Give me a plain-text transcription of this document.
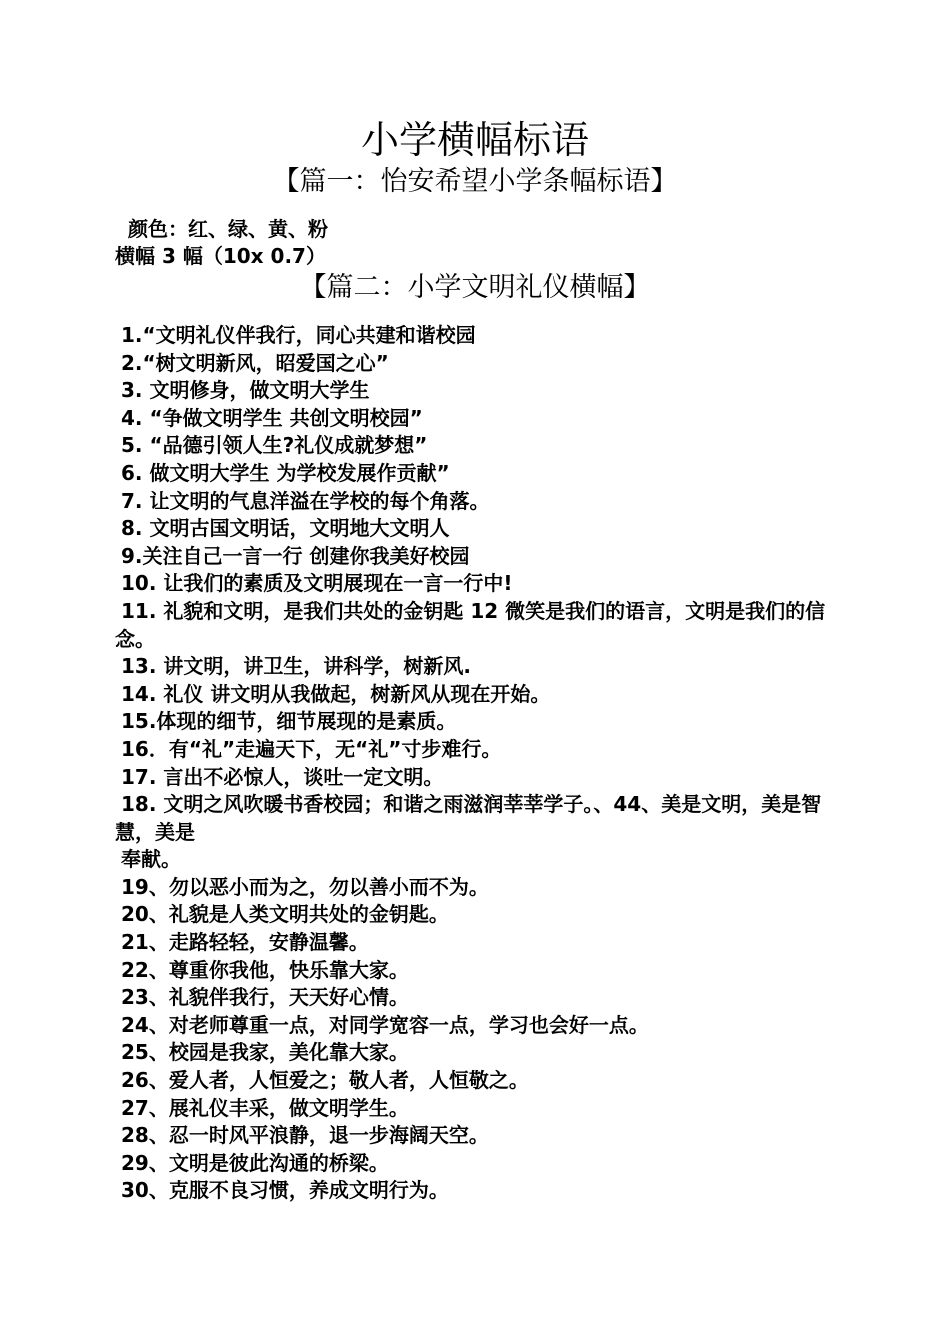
小学横幅标语
【篇一：怡安希望小学条幅标语】
颜色：红、绿、黄、粉
横幅 3 幅（10x 0.7）
【篇二：小学文明礼仪横幅】
1.“文明礼仪伴我行，同心共建和谐校园
2.“树文明新风，昭爱国之心”
3. 文明修身，做文明大学生
4. “争做文明学生 共创文明校园”
5. “品德引领人生?礼仪成就梦想”
6. 做文明大学生 为学校发展作贡献”
7. 让文明的气息洋溢在学校的每个角落。
8. 文明古国文明话，文明地大文明人
9.关注自己一言一行 创建你我美好校园
10. 让我们的素质及文明展现在一言一行中!
11. 礼貌和文明，是我们共处的金钥匙 12 微笑是我们的语言，文明是我们的信念。
13. 讲文明，讲卫生，讲科学，树新风.
14. 礼仪 讲文明从我做起，树新风从现在开始。
15.体现的细节，细节展现的是素质。
16．有“礼”走遍天下，无“礼”寸步难行。
17. 言出不必惊人，谈吐一定文明。
18. 文明之风吹暖书香校园；和谐之雨滋润莘莘学子。、44、美是文明，美是智慧，美是
奉献。
19、勿以恶小而为之，勿以善小而不为。
20、礼貌是人类文明共处的金钥匙。
21、走路轻轻，安静温馨。
22、尊重你我他，快乐靠大家。
23、礼貌伴我行，天天好心情。
24、对老师尊重一点，对同学宽容一点，学习也会好一点。
25、校园是我家，美化靠大家。
26、爱人者，人恒爱之；敬人者，人恒敬之。
27、展礼仪丰采，做文明学生。
28、忍一时风平浪静，退一步海阔天空。
29、文明是彼此沟通的桥梁。
30、克服不良习惯，养成文明行为。
